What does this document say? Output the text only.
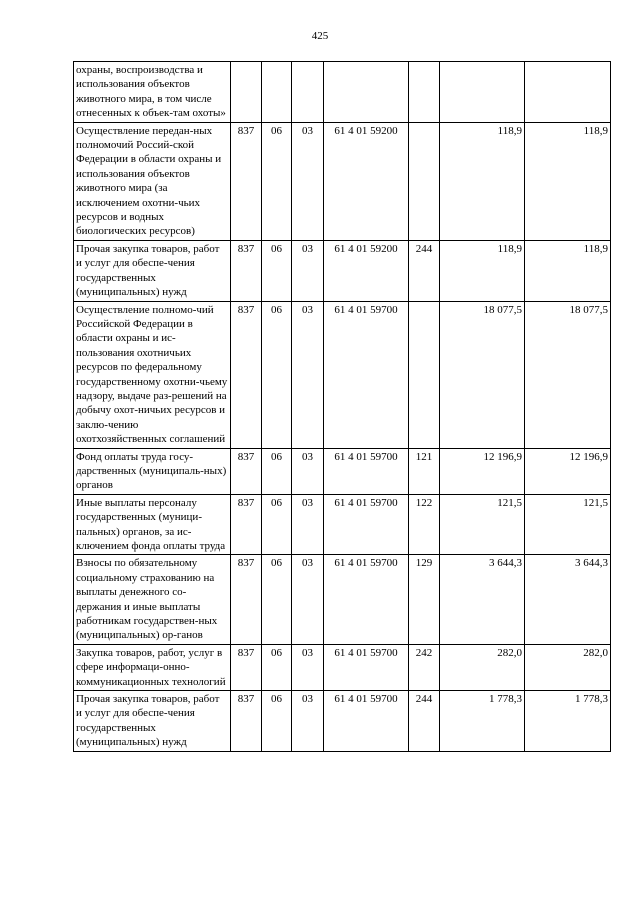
425
охраны, воспроизводства и использования объектов животного мира, в том числе отнесенных к объек-там охоты»							
Осуществление передан-ных полномочий Россий-ской Федерации в области охраны и использования объектов животного мира (за исключением охотни-чьих ресурсов и водных биологических ресурсов)	837	06	03	61 4 01 59200		118,9	118,9
Прочая закупка товаров, работ и услуг для обеспе-чения государственных (муниципальных) нужд	837	06	03	61 4 01 59200	244	118,9	118,9
Осуществление полномо-чий Российской Федерации в области охраны и ис-пользования охотничьих ресурсов по федеральному государственному охотни-чьему надзору, выдаче раз-решений на добычу охот-ничьих ресурсов и заклю-чению охотхозяйственных соглашений	837	06	03	61 4 01 59700		18 077,5	18 077,5
Фонд оплаты труда госу-дарственных (муниципаль-ных) органов	837	06	03	61 4 01 59700	121	12 196,9	12 196,9
Иные выплаты персоналу государственных (муници-пальных) органов, за ис-ключением фонда оплаты труда	837	06	03	61 4 01 59700	122	121,5	121,5
Взносы по обязательному социальному страхованию на выплаты денежного со-держания и иные выплаты работникам государствен-ных (муниципальных) ор-ганов	837	06	03	61 4 01 59700	129	3 644,3	3 644,3
Закупка товаров, работ, услуг в сфере информаци-онно-коммуникационных технологий	837	06	03	61 4 01 59700	242	282,0	282,0
Прочая закупка товаров, работ и услуг для обеспе-чения государственных (муниципальных) нужд	837	06	03	61 4 01 59700	244	1 778,3	1 778,3
